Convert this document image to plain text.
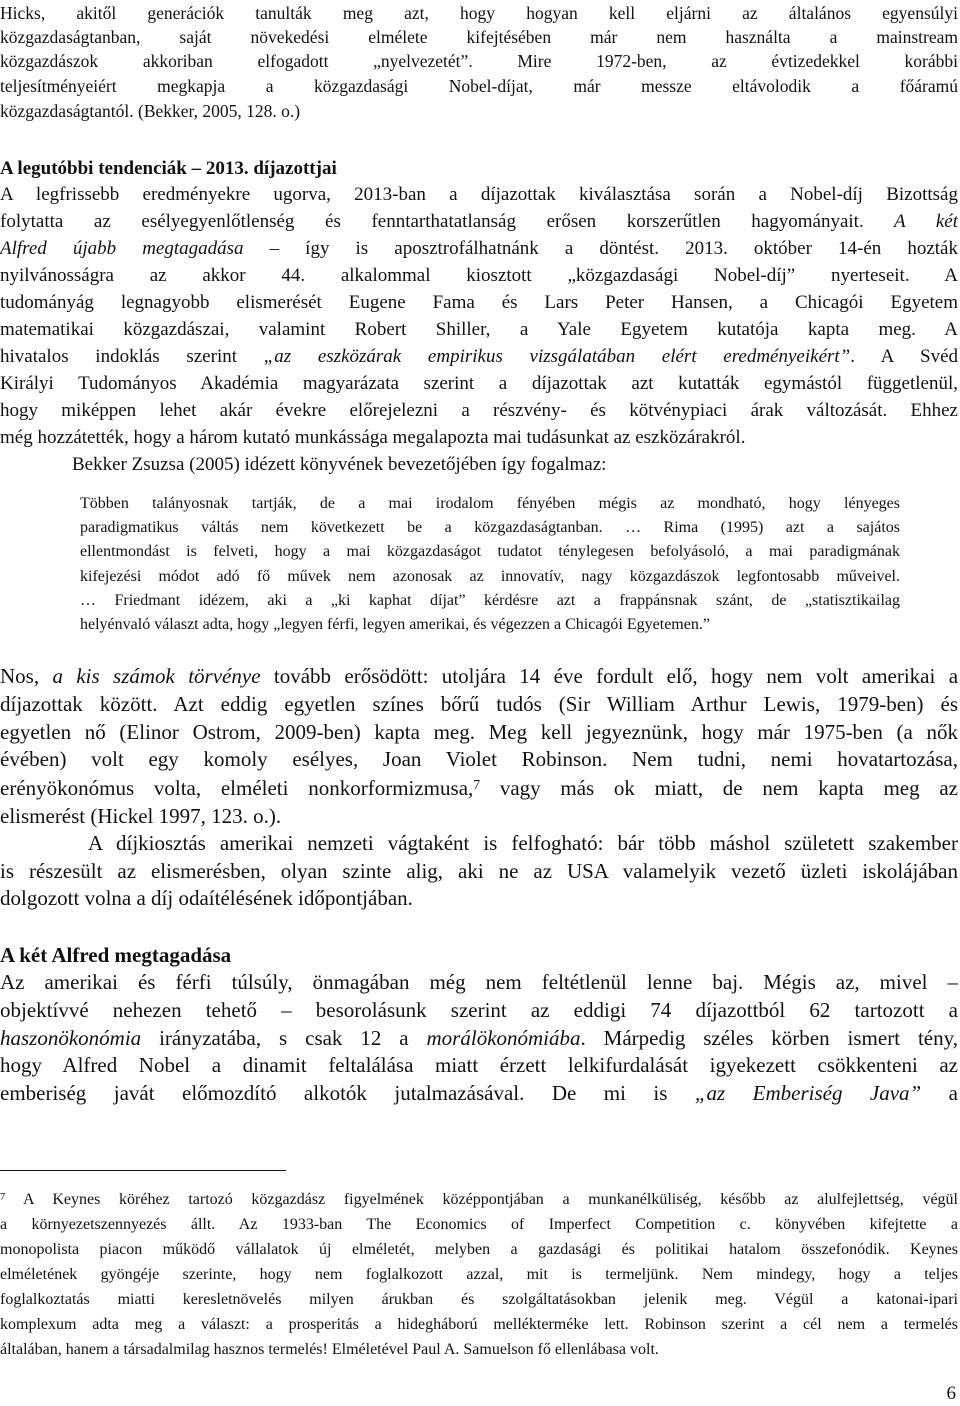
Hicks, akitől generációk tanulták meg azt, hogy hogyan kell eljárni az általános egyensúlyi
közgazdaságtanban, saját növekedési elmélete kifejtésében már nem használta a mainstream
közgazdászok akkoriban elfogadott „nyelvezetét”. Mire 1972-ben, az évtizedekkel korábbi
teljesítményeiért megkapja a közgazdasági Nobel-díjat, már messze eltávolodik a főáramú
közgazdaságtantól. (Bekker, 2005, 128. o.)
A legutóbbi tendenciák – 2013. díjazottjai
A legfrissebb eredményekre ugorva, 2013-ban a díjazottak kiválasztása során a Nobel-díj Bizottság
folytatta az esélyegyenlőtlenség és fenntarthatatlanság erősen korszerűtlen hagyományait. A két
Alfred újabb megtagadása – így is aposztrofálhatnánk a döntést. 2013. október 14-én hozták
nyilvánosságra az akkor 44. alkalommal kiosztott „közgazdasági Nobel-díj” nyerteseit. A
tudományág legnagyobb elismerését Eugene Fama és Lars Peter Hansen, a Chicagói Egyetem
matematikai közgazdászai, valamint Robert Shiller, a Yale Egyetem kutatója kapta meg. A
hivatalos indoklás szerint „az eszközárak empirikus vizsgálatában elért eredményeikért”. A Svéd
Királyi Tudományos Akadémia magyarázata szerint a díjazottak azt kutatták egymástól függetlenül,
hogy miképpen lehet akár évekre előrejelezni a részvény- és kötvénypiaci árak változását. Ehhez
még hozzátették, hogy a három kutató munkássága megalapozta mai tudásunkat az eszközárakról.
Bekker Zsuzsa (2005) idézett könyvének bevezetőjében így fogalmaz:
Többen talányosnak tartják, de a mai irodalom fényében mégis az mondható, hogy lényeges
paradigmatikus váltás nem következett be a közgazdaságtanban. … Rima (1995) azt a sajátos
ellentmondást is felveti, hogy a mai közgazdaságot tudatot ténylegesen befolyásoló, a mai paradigmának
kifejezési módot adó fő művek nem azonosak az innovatív, nagy közgazdászok legfontosabb műveivel.
… Friedmant idézem, aki a „ki kaphat díjat” kérdésre azt a frappánsnak szánt, de „statisztikailag
helyénvaló választ adta, hogy „legyen férfi, legyen amerikai, és végezzen a Chicagói Egyetemen.”
Nos, a kis számok törvénye tovább erősödött: utoljára 14 éve fordult elő, hogy nem volt amerikai a
díjazottak között. Azt eddig egyetlen színes bőrű tudós (Sir William Arthur Lewis, 1979-ben) és
egyetlen nő (Elinor Ostrom, 2009-ben) kapta meg. Meg kell jegyeznünk, hogy már 1975-ben (a nők
évében) volt egy komoly esélyes, Joan Violet Robinson. Nem tudni, nemi hovatartozása,
erényökonómus volta, elméleti nonkorformizmusa,$^7$ vagy más ok miatt, de nem kapta meg az
elismerést (Hickel 1997, 123. o.).
A díjkiosztás amerikai nemzeti vágtaként is felfogható: bár több máshol született szakember
is részesült az elismerésben, olyan szinte alig, aki ne az USA valamelyik vezető üzleti iskolájában
dolgozott volna a díj odaítélésének időpontjában.
A két Alfred megtagadása
Az amerikai és férfi túlsúly, önmagában még nem feltétlenül lenne baj. Mégis az, mivel –
objektívvé nehezen tehető – besorolásunk szerint az eddigi 74 díjazottból 62 tartozott a
haszonökonómia irányzatába, s csak 12 a morálökonómiába. Márpedig széles körben ismert tény,
hogy Alfred Nobel a dinamit feltalálása miatt érzett lelkifurdalását igyekezett csökkenteni az
emberiség javát előmozdító alkotók jutalmazásával. De mi is „az Emberiség Java” a
$^7$ A Keynes köréhez tartozó közgazdász figyelmének középpontjában a munkanélküliség, később az alulfejlettség, végül
a környezetszennyezés állt. Az 1933-ban The Economics of Imperfect Competition c. könyvében kifejtette a
monopolista piacon működő vállalatok új elméletét, melyben a gazdasági és politikai hatalom összefonódik. Keynes
elméletének gyöngéje szerinte, hogy nem foglalkozott azzal, mit is termeljünk. Nem mindegy, hogy a teljes
foglalkoztatás miatti keresletnövelés milyen árukban és szolgáltatásokban jelenik meg. Végül a katonai-ipari
komplexum adta meg a választ: a prosperitás a hidegháború mellékterméke lett. Robinson szerint a cél nem a termelés
általában, hanem a társadalmilag hasznos termelés! Elméletével Paul A. Samuelson fő ellenlábasa volt.
6
